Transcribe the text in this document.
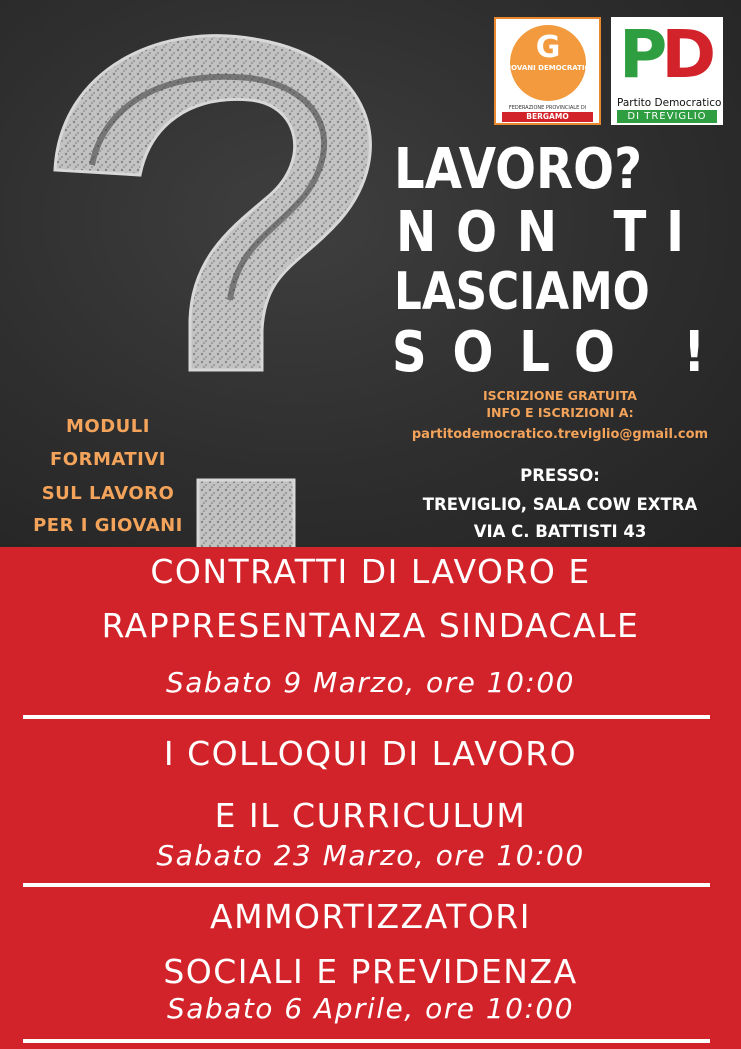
G
GIOVANI DEMOCRATICI
FEDERAZIONE PROVINCIALE DI
BERGAMO
PD
Partito Democratico
DI TREVIGLIO
LAVORO?
NON TI
LASCIAMO
SOLO !
ISCRIZIONE GRATUITA
INFO E ISCRIZIONI A:
partitodemocratico.treviglio@gmail.com
PRESSO:
TREVIGLIO, SALA COW EXTRA
VIA C. BATTISTI 43
MODULI
FORMATIVI
SUL LAVORO
PER I GIOVANI
CONTRATTI DI LAVORO E
RAPPRESENTANZA SINDACALE
Sabato 9 Marzo, ore 10:00
I COLLOQUI DI LAVORO
E IL CURRICULUM
Sabato 23 Marzo, ore 10:00
AMMORTIZZATORI
SOCIALI E PREVIDENZA
Sabato 6 Aprile, ore 10:00
